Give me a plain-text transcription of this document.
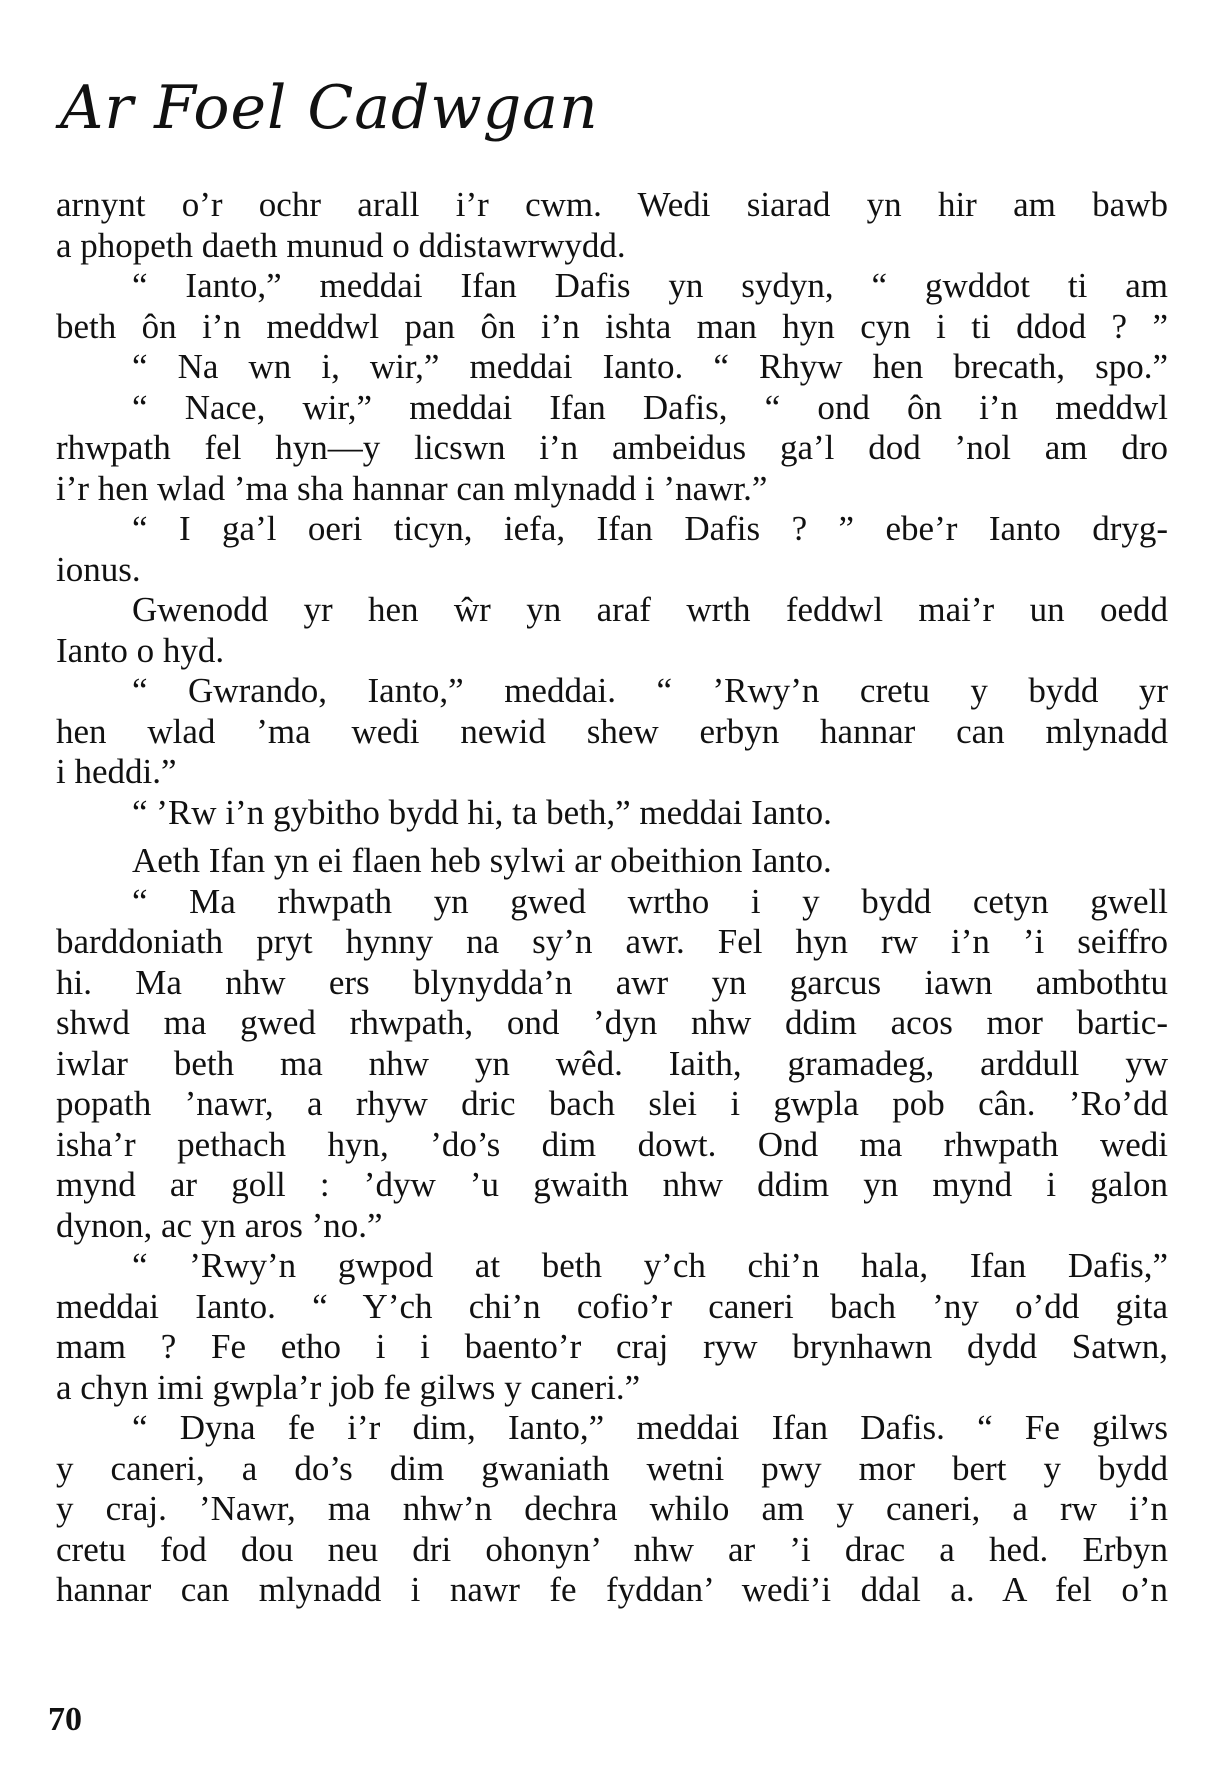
Ar Foel Cadwgan
arnynt o’r ochr arall i’r cwm. Wedi siarad yn hir am bawb
a phopeth daeth munud o ddistawrwydd.
“ Ianto,” meddai Ifan Dafis yn sydyn, “ gwddot ti am
beth ôn i’n meddwl pan ôn i’n ishta man hyn cyn i ti ddod ? ”
“ Na wn i, wir,” meddai Ianto. “ Rhyw hen brecath, spo.”
“ Nace, wir,” meddai Ifan Dafis, “ ond ôn i’n meddwl
rhwpath fel hyn—y licswn i’n ambeidus ga’l dod ’nol am dro
i’r hen wlad ’ma sha hannar can mlynadd i ’nawr.”
“ I ga’l oeri ticyn, iefa, Ifan Dafis ? ” ebe’r Ianto dryg-
ionus.
Gwenodd yr hen ŵr yn araf wrth feddwl mai’r un oedd
Ianto o hyd.
“ Gwrando, Ianto,” meddai. “ ’Rwy’n cretu y bydd yr
hen wlad ’ma wedi newid shew erbyn hannar can mlynadd
i heddi.”
“ ’Rw i’n gybitho bydd hi, ta beth,” meddai Ianto.
Aeth Ifan yn ei flaen heb sylwi ar obeithion Ianto.
“ Ma rhwpath yn gwed wrtho i y bydd cetyn gwell
barddoniath pryt hynny na sy’n awr. Fel hyn rw i’n ’i seiffro
hi. Ma nhw ers blynydda’n awr yn garcus iawn ambothtu
shwd ma gwed rhwpath, ond ’dyn nhw ddim acos mor bartic-
iwlar beth ma nhw yn wêd. Iaith, gramadeg, arddull yw
popath ’nawr, a rhyw dric bach slei i gwpla pob cân. ’Ro’dd
isha’r pethach hyn, ’do’s dim dowt. Ond ma rhwpath wedi
mynd ar goll : ’dyw ’u gwaith nhw ddim yn mynd i galon
dynon, ac yn aros ’no.”
“ ’Rwy’n gwpod at beth y’ch chi’n hala, Ifan Dafis,”
meddai Ianto. “ Y’ch chi’n cofio’r caneri bach ’ny o’dd gita
mam ? Fe etho i i baento’r craj ryw brynhawn dydd Satwn,
a chyn imi gwpla’r job fe gilws y caneri.”
“ Dyna fe i’r dim, Ianto,” meddai Ifan Dafis. “ Fe gilws
y caneri, a do’s dim gwaniath wetni pwy mor bert y bydd
y craj. ’Nawr, ma nhw’n dechra whilo am y caneri, a rw i’n
cretu fod dou neu dri ohonyn’ nhw ar ’i drac a hed. Erbyn
hannar can mlynadd i nawr fe fyddan’ wedi’i ddal a. A fel o’n

70
